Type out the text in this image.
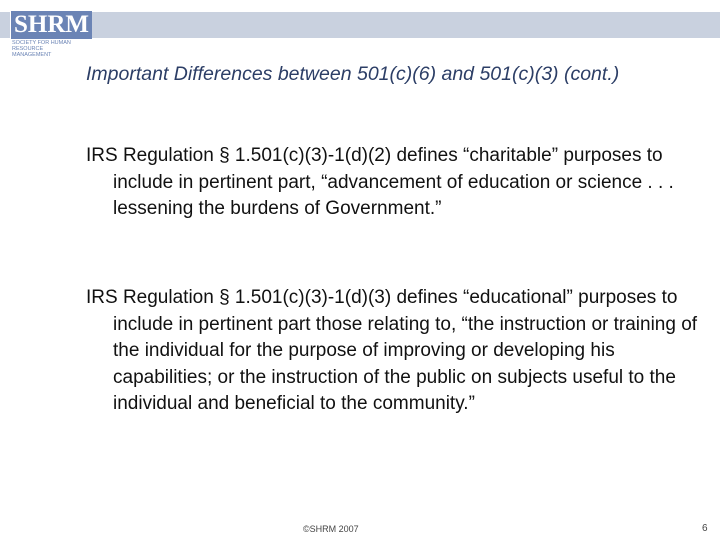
SHRM
SOCIETY FOR HUMAN RESOURCE MANAGEMENT
Important Differences between 501(c)(6) and 501(c)(3) (cont.)
IRS Regulation § 1.501(c)(3)-1(d)(2) defines “charitable” purposes to include in pertinent part, “advancement of education or science . . . lessening the burdens of Government.”
IRS Regulation § 1.501(c)(3)-1(d)(3) defines “educational” purposes to include in pertinent part those relating to, “the instruction or training of the individual for the purpose of improving or developing his capabilities; or the instruction of the public on subjects useful to the individual and beneficial to the community.”
©SHRM 2007	6
